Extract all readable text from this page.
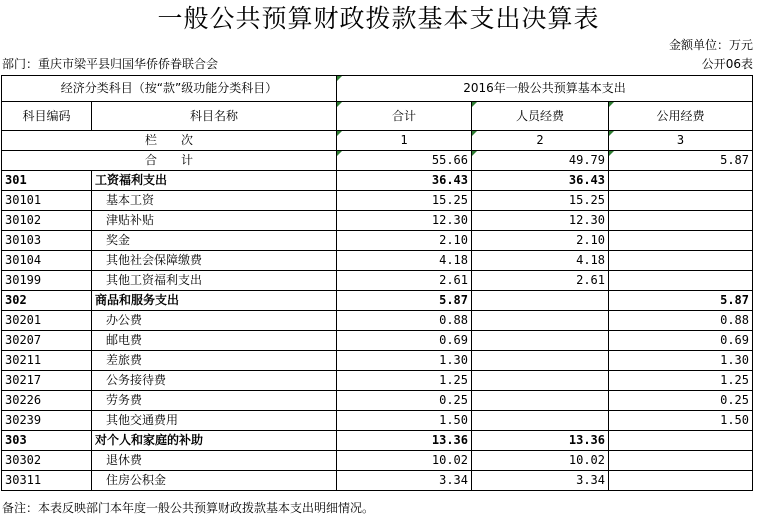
一般公共预算财政拨款基本支出决算表
金额单位：万元
部门：重庆市梁平县归国华侨侨眷联合会	公开06表
经济分类科目（按“款”级功能分类科目）		2016年一般公共预算基本支出		
科目编码	科目名称	合计	人员经费	公用经费
栏　　次		1	2	3
合　　计		55.66	49.79	5.87
301	工资福利支出	36.43	36.43	
30101	基本工资	15.25	15.25	
30102	津贴补贴	12.30	12.30	
30103	奖金	2.10	2.10	
30104	其他社会保障缴费	4.18	4.18	
30199	其他工资福利支出	2.61	2.61	
302	商品和服务支出	5.87		5.87
30201	办公费	0.88		0.88
30207	邮电费	0.69		0.69
30211	差旅费	1.30		1.30
30217	公务接待费	1.25		1.25
30226	劳务费	0.25		0.25
30239	其他交通费用	1.50		1.50
303	对个人和家庭的补助	13.36	13.36	
30302	退休费	10.02	10.02	
30311	住房公积金	3.34	3.34	
备注：本表反映部门本年度一般公共预算财政拨款基本支出明细情况。
